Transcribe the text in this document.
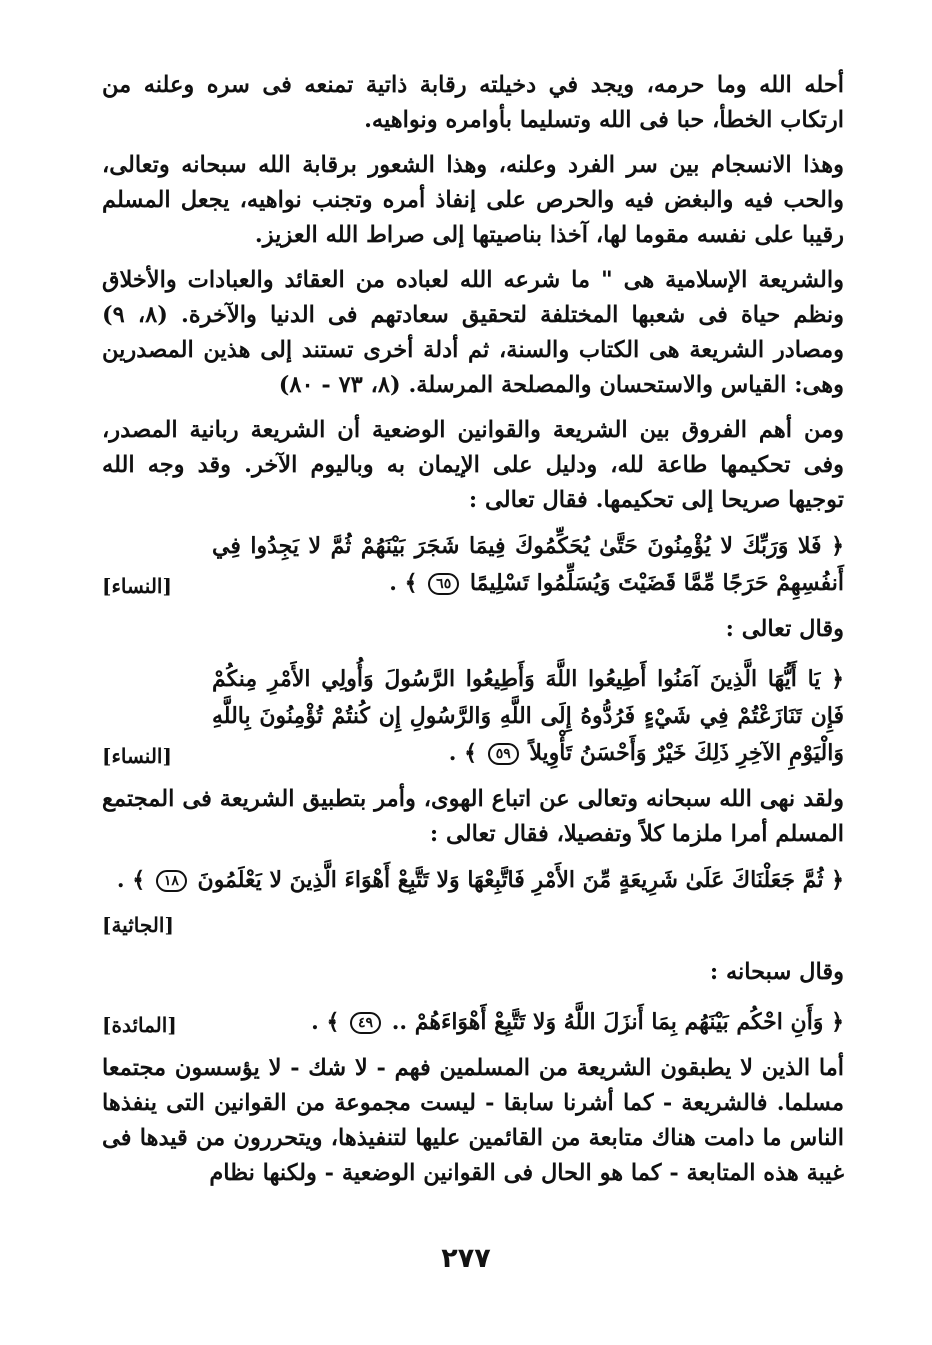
أحله الله وما حرمه، ويجد في دخيلته رقابة ذاتية تمنعه فى سره وعلنه من ارتكاب الخطأ، حبا فى الله وتسليما بأوامره ونواهيه.

وهذا الانسجام بين سر الفرد وعلنه، وهذا الشعور برقابة الله سبحانه وتعالى، والحب فيه والبغض فيه والحرص على إنفاذ أمره وتجنب نواهيه، يجعل المسلم رقيبا على نفسه مقوما لها، آخذا بناصيتها إلى صراط الله العزيز.

والشريعة الإسلامية هى " ما شرعه الله لعباده من العقائد والعبادات والأخلاق ونظم حياة فى شعبها المختلفة لتحقيق سعادتهم فى الدنيا والآخرة. (٨، ٩) ومصادر الشريعة هى الكتاب والسنة، ثم أدلة أخرى تستند إلى هذين المصدرين وهى: القياس والاستحسان والمصلحة المرسلة. (٨، ٧٣ - ٨٠)

ومن أهم الفروق بين الشريعة والقوانين الوضعية أن الشريعة ربانية المصدر، وفى تحكيمها طاعة لله، ودليل على الإيمان به وباليوم الآخر. وقد وجه الله توجيها صريحا إلى تحكيمها. فقال تعالى :

﴿ فَلا وَرَبِّكَ لا يُؤْمِنُونَ حَتَّىٰ يُحَكِّمُوكَ فِيمَا شَجَرَ بَيْنَهُمْ ثُمَّ لا يَجِدُوا فِي أَنفُسِهِمْ حَرَجًا مِّمَّا قَضَيْتَ وَيُسَلِّمُوا تَسْلِيمًا ٦٥ ﴾ .
[النساء]

وقال تعالى :

﴿ يَا أَيُّهَا الَّذِينَ آمَنُوا أَطِيعُوا اللَّهَ وَأَطِيعُوا الرَّسُولَ وَأُولِي الأَمْرِ مِنكُمْ فَإِن تَنَازَعْتُمْ فِي شَيْءٍ فَرُدُّوهُ إِلَى اللَّهِ وَالرَّسُولِ إِن كُنتُمْ تُؤْمِنُونَ بِاللَّهِ وَالْيَوْمِ الآخِرِ ذَلِكَ خَيْرٌ وَأَحْسَنُ تَأْوِيلاً ٥٩ ﴾ .
[النساء]

ولقد نهى الله سبحانه وتعالى عن اتباع الهوى، وأمر بتطبيق الشريعة فى المجتمع المسلم أمرا ملزما كلاً وتفصيلا، فقال تعالى :

﴿ ثُمَّ جَعَلْنَاكَ عَلَىٰ شَرِيعَةٍ مِّنَ الأَمْرِ فَاتَّبِعْهَا وَلا تَتَّبِعْ أَهْوَاءَ الَّذِينَ لا يَعْلَمُونَ ١٨ ﴾ .
[الجاثية]

وقال سبحانه :

﴿ وَأَنِ احْكُم بَيْنَهُم بِمَا أَنزَلَ اللَّهُ وَلا تَتَّبِعْ أَهْوَاءَهُمْ .. ٤٩ ﴾ .
[المائدة]

أما الذين لا يطبقون الشريعة من المسلمين فهم - لا شك - لا يؤسسون مجتمعا مسلما. فالشريعة - كما أشرنا سابقا - ليست مجموعة من القوانين التى ينفذها الناس ما دامت هناك متابعة من القائمين عليها لتنفيذها، ويتحررون من قيدها فى غيبة هذه المتابعة - كما هو الحال فى القوانين الوضعية - ولكنها نظام

٢٧٧
